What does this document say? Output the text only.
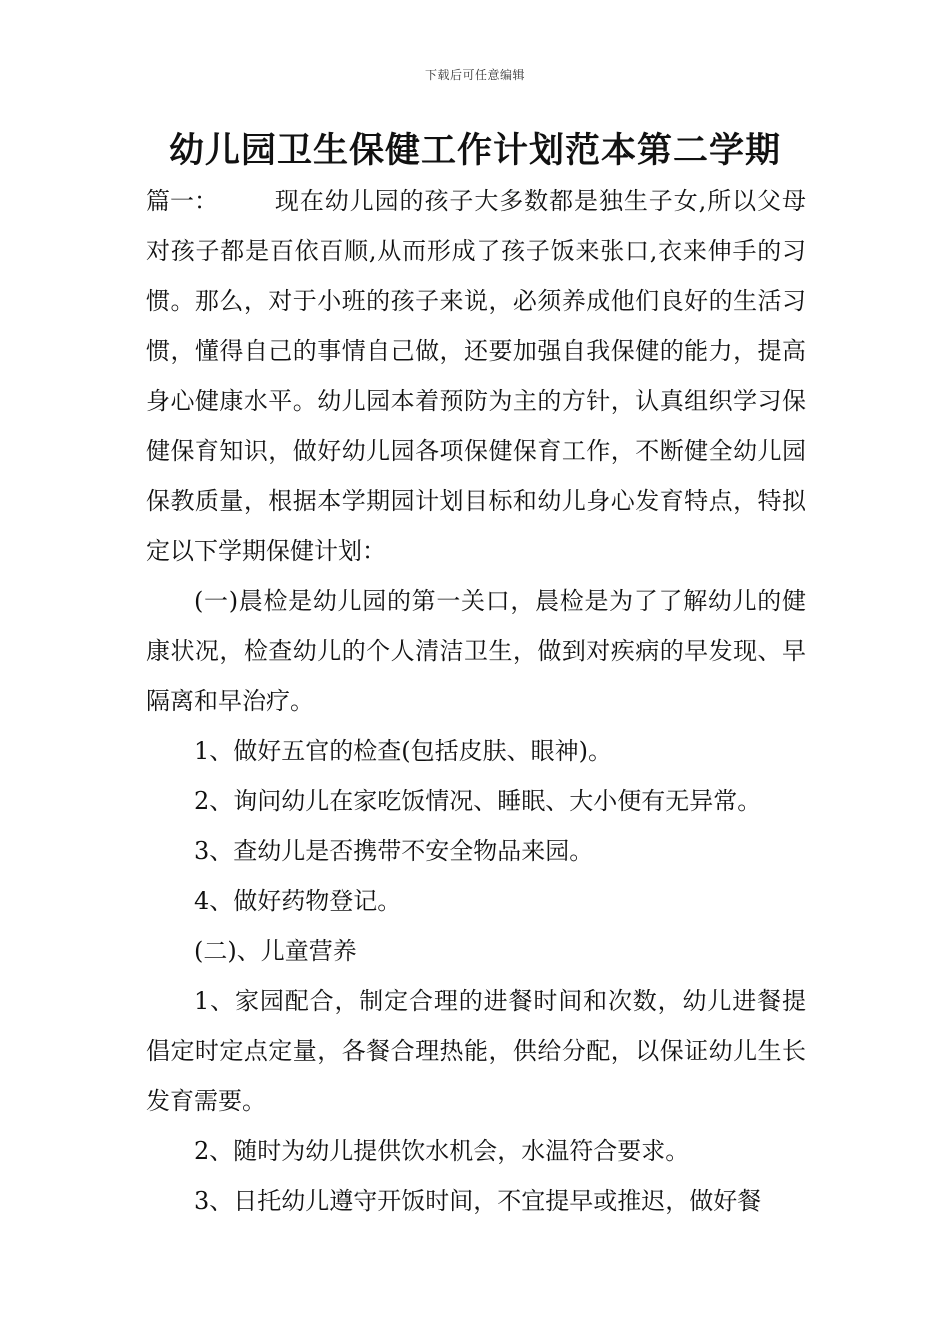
下载后可任意编辑
幼儿园卫生保健工作计划范本第二学期

篇一： 现在幼儿园的孩子大多数都是独生子女,所以父母对孩子都是百依百顺,从而形成了孩子饭来张口,衣来伸手的习惯。那么，对于小班的孩子来说，必须养成他们良好的生活习惯，懂得自己的事情自己做，还要加强自我保健的能力，提高身心健康水平。幼儿园本着预防为主的方针，认真组织学习保健保育知识，做好幼儿园各项保健保育工作，不断健全幼儿园保教质量，根据本学期园计划目标和幼儿身心发育特点，特拟定以下学期保健计划：

(一)晨检是幼儿园的第一关口，晨检是为了了解幼儿的健康状况，检查幼儿的个人清洁卫生，做到对疾病的早发现、早隔离和早治疗。

1、做好五官的检查(包括皮肤、眼神)。

2、询问幼儿在家吃饭情况、睡眠、大小便有无异常。

3、查幼儿是否携带不安全物品来园。

4、做好药物登记。

(二)、儿童营养

1、家园配合，制定合理的进餐时间和次数，幼儿进餐提倡定时定点定量，各餐合理热能，供给分配，以保证幼儿生长发育需要。

2、随时为幼儿提供饮水机会，水温符合要求。

3、日托幼儿遵守开饭时间，不宜提早或推迟，做好餐
